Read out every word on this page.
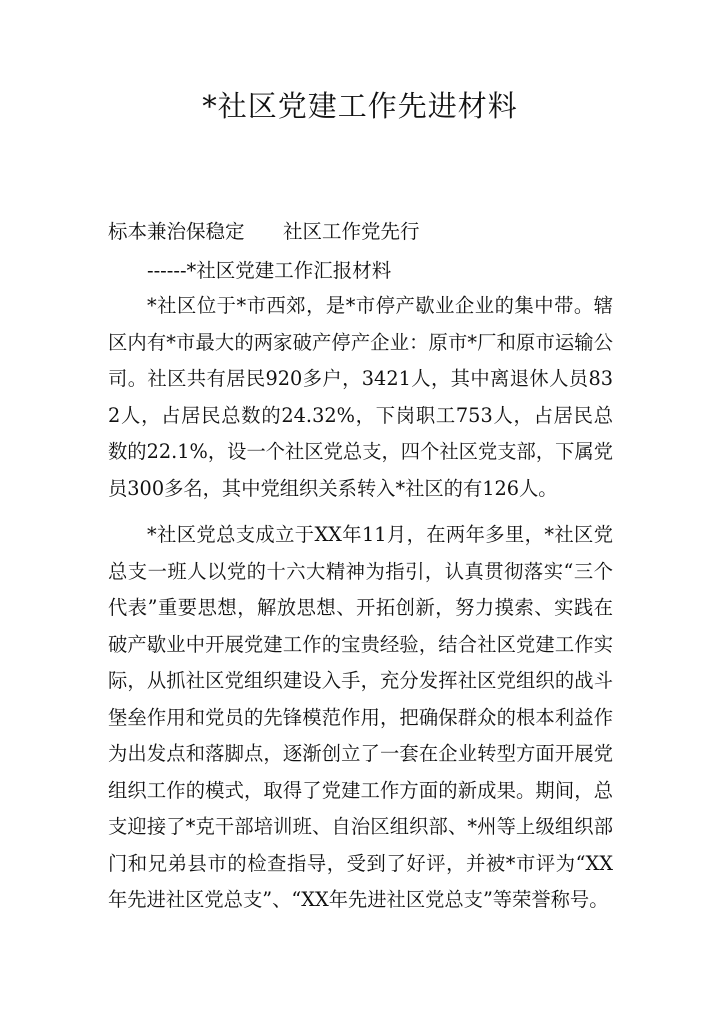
*社区党建工作先进材料
标本兼治保稳定 社区工作党先行
------*社区党建工作汇报材料

*社区位于*市西郊，是*市停产歇业企业的集中带。辖区内有*市最大的两家破产停产企业：原市*厂和原市运输公司。社区共有居民920多户，3421人，其中离退休人员832人，占居民总数的24.32%，下岗职工753人，占居民总数的22.1%，设一个社区党总支，四个社区党支部，下属党员300多名，其中党组织关系转入*社区的有126人。

*社区党总支成立于XX年11月，在两年多里，*社区党总支一班人以党的十六大精神为指引，认真贯彻落实“三个代表”重要思想，解放思想、开拓创新，努力摸索、实践在破产歇业中开展党建工作的宝贵经验，结合社区党建工作实际，从抓社区党组织建设入手，充分发挥社区党组织的战斗堡垒作用和党员的先锋模范作用，把确保群众的根本利益作为出发点和落脚点，逐渐创立了一套在企业转型方面开展党组织工作的模式，取得了党建工作方面的新成果。期间，总支迎接了*克干部培训班、自治区组织部、*州等上级组织部门和兄弟县市的检查指导，受到了好评，并被*市评为“XX年先进社区党总支”、“XX年先进社区党总支”等荣誉称号。
